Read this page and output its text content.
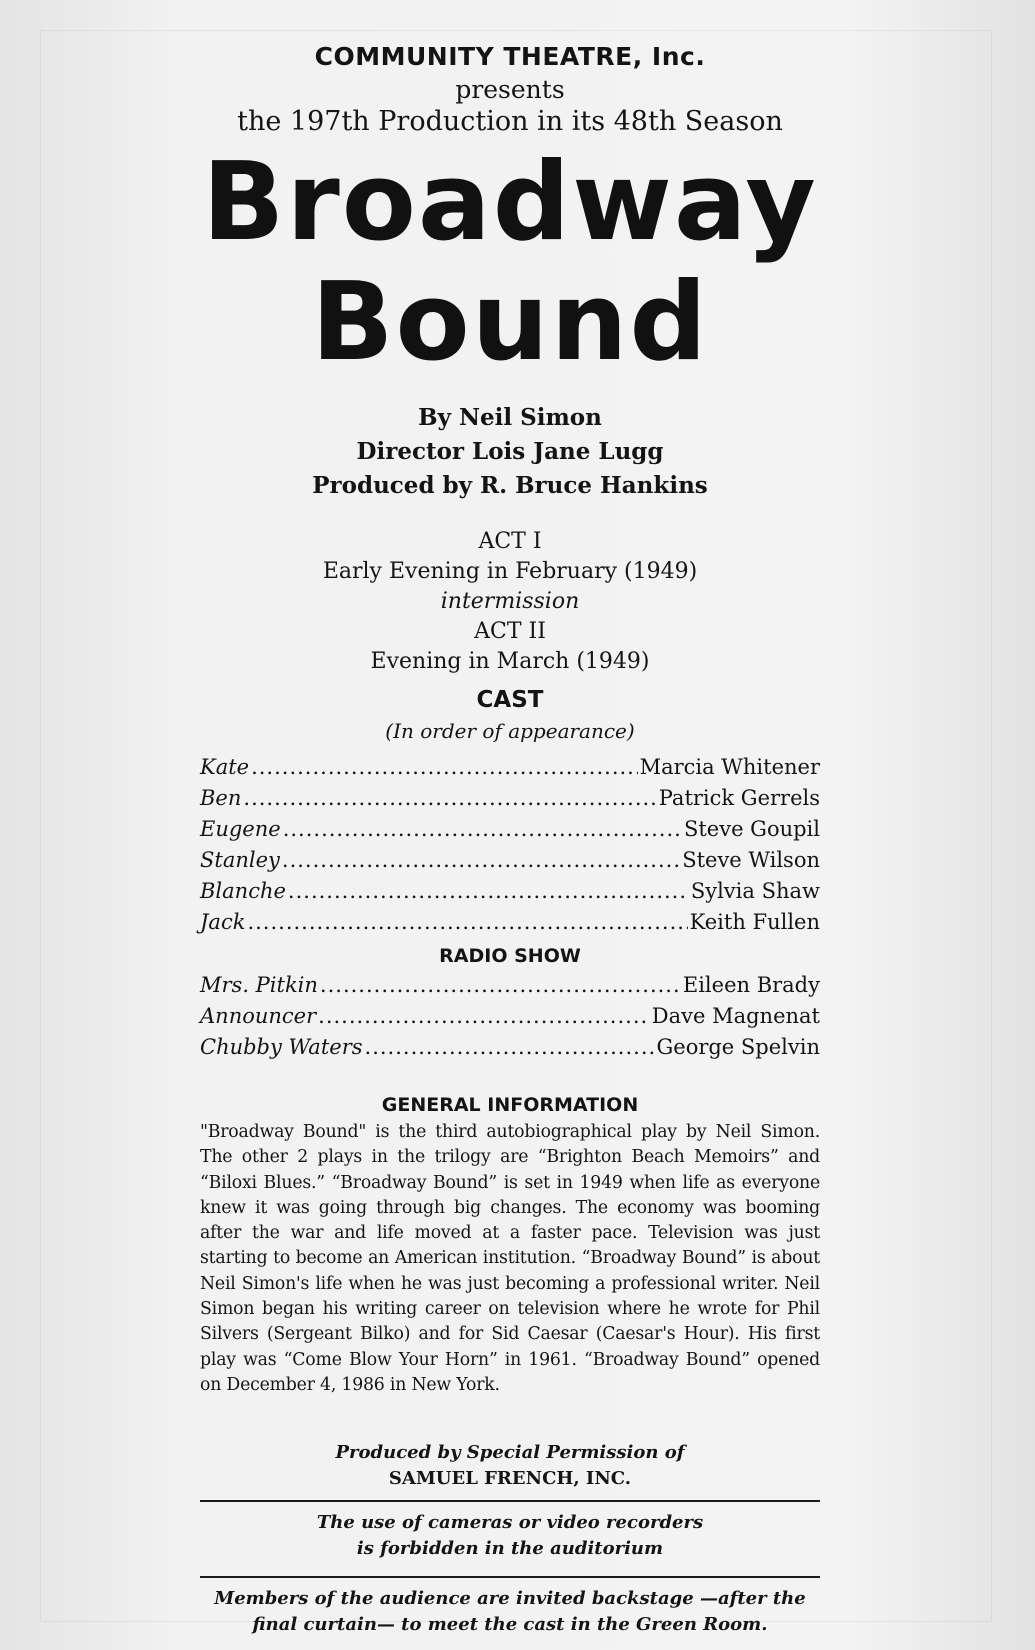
COMMUNITY THEATRE, Inc.
presents
the 197th Production in its 48th Season
Broadway
Bound
By Neil Simon
Director Lois Jane Lugg
Produced by R. Bruce Hankins
ACT I
Early Evening in February (1949)
intermission
ACT II
Evening in March (1949)
CAST
(In order of appearance)
Kate .....	Marcia Whitener
Ben .....	Patrick Gerrels
Eugene .....	Steve Goupil
Stanley .....	Steve Wilson
Blanche .....	Sylvia Shaw
Jack .....	Keith Fullen
RADIO SHOW
Mrs. Pitkin .....	Eileen Brady
Announcer .....	Dave Magnenat
Chubby Waters .....	George Spelvin
GENERAL INFORMATION
"Broadway Bound" is the third autobiographical play by Neil Simon. The other 2 plays in the trilogy are “Brighton Beach Memoirs” and “Biloxi Blues.” “Broadway Bound” is set in 1949 when life as everyone knew it was going through big changes. The economy was booming after the war and life moved at a faster pace. Television was just starting to become an American institution. “Broadway Bound” is about Neil Simon's life when he was just becoming a professional writer. Neil Simon began his writing career on television where he wrote for Phil Silvers (Sergeant Bilko) and for Sid Caesar (Caesar's Hour). His first play was “Come Blow Your Horn” in 1961. “Broadway Bound” opened on December 4, 1986 in New York.
Produced by Special Permission of
SAMUEL FRENCH, INC.
The use of cameras or video recorders
is forbidden in the auditorium
Members of the audience are invited backstage —after the
final curtain— to meet the cast in the Green Room.
